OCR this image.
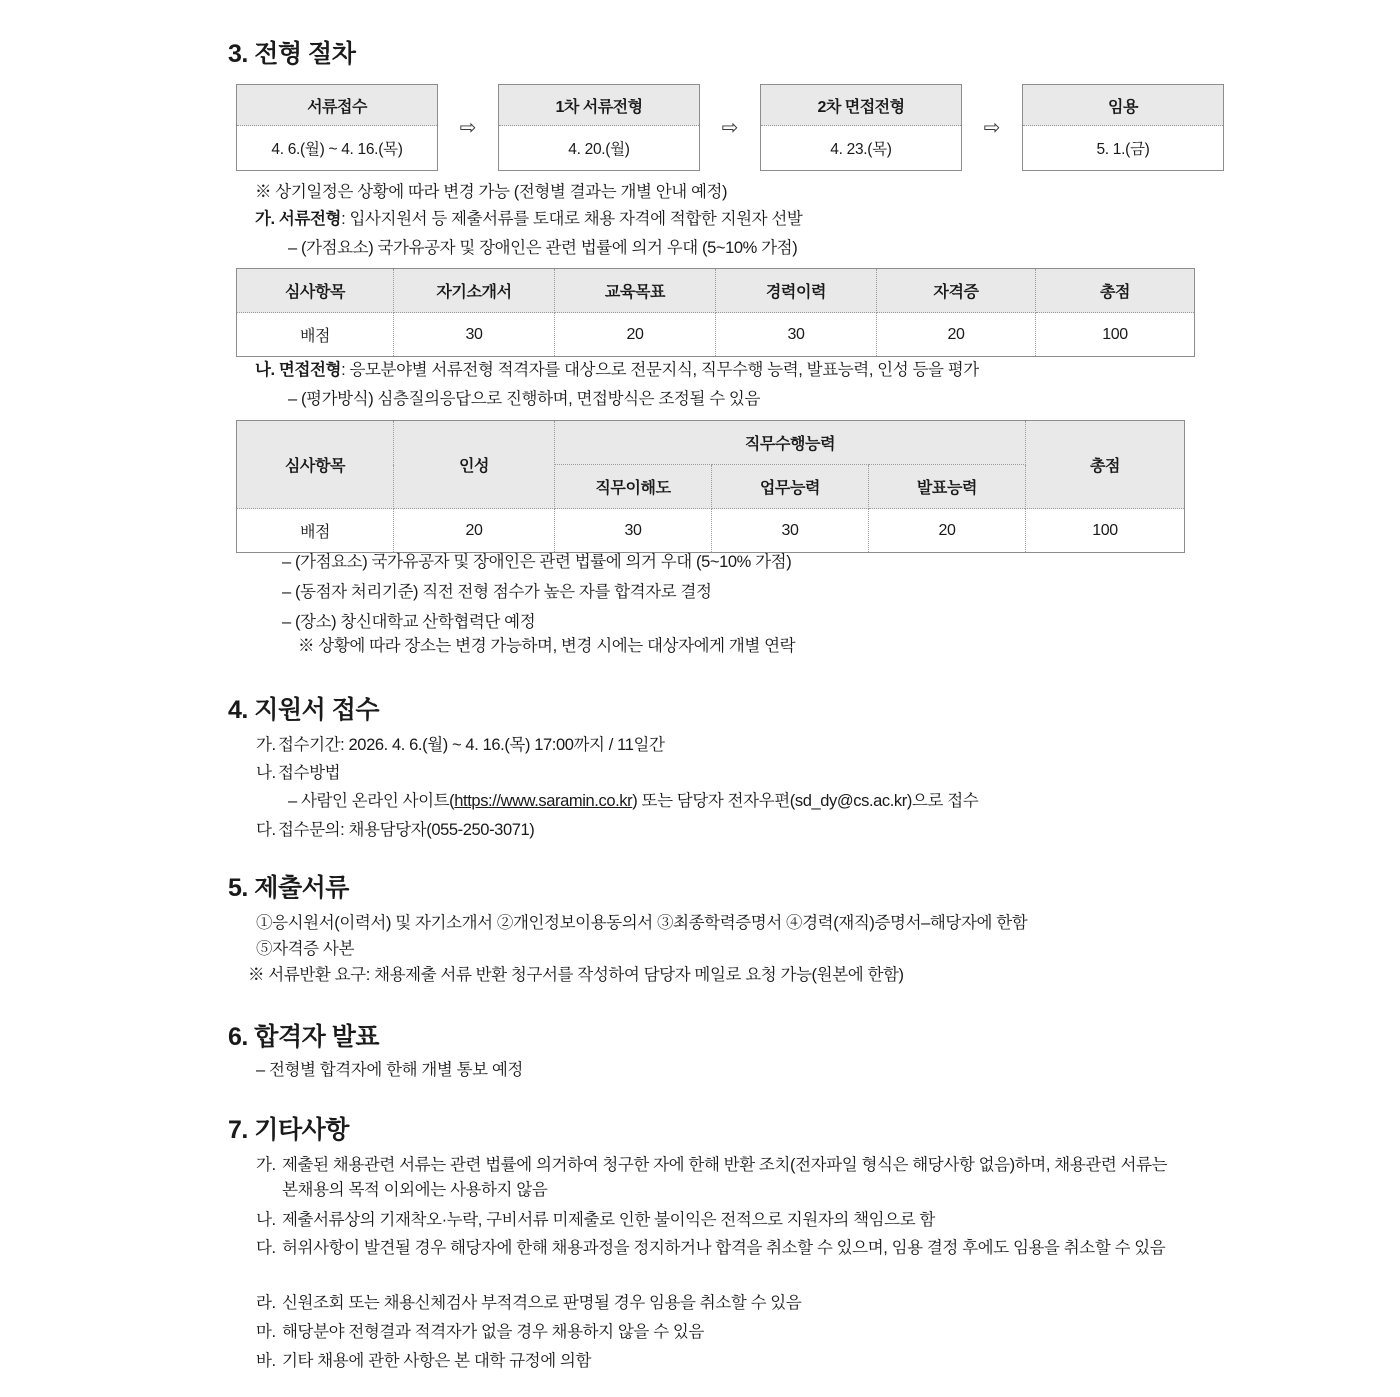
3. 전형 절차
서류접수
4. 6.(월) ~ 4. 16.(목)
⇨
1차 서류전형
4. 20.(월)
⇨
2차 면접전형
4. 23.(목)
⇨
임용
5. 1.(금)
※ 상기일정은 상황에 따라 변경 가능 (전형별 결과는 개별 안내 예정)
가. 서류전형: 입사지원서 등 제출서류를 토대로 채용 자격에 적합한 지원자 선발
– (가점요소) 국가유공자 및 장애인은 관련 법률에 의거 우대 (5~10% 가점)
심사항목	자기소개서	교육목표	경력이력	자격증	총점
배점	30	20	30	20	100
나. 면접전형: 응모분야별 서류전형 적격자를 대상으로 전문지식, 직무수행 능력, 발표능력, 인성 등을 평가
– (평가방식) 심층질의응답으로 진행하며, 면접방식은 조정될 수 있음
심사항목	인성	직무수행능력			총점
		직무이해도	업무능력	발표능력	
배점	20	30	30	20	100
– (가점요소) 국가유공자 및 장애인은 관련 법률에 의거 우대 (5~10% 가점)
– (동점자 처리기준) 직전 전형 점수가 높은 자를 합격자로 결정
– (장소) 창신대학교 산학협력단 예정
※ 상황에 따라 장소는 변경 가능하며, 변경 시에는 대상자에게 개별 연락
4. 지원서 접수
가. 접수기간: 2026. 4. 6.(월) ~ 4. 16.(목) 17:00까지 / 11일간
나. 접수방법
– 사람인 온라인 사이트(https://www.saramin.co.kr) 또는 담당자 전자우편(sd_dy@cs.ac.kr)으로 접수
다. 접수문의: 채용담당자(055-250-3071)
5. 제출서류
①응시원서(이력서) 및 자기소개서 ②개인정보이용동의서 ③최종학력증명서 ④경력(재직)증명서–해당자에 한함
⑤자격증 사본
※ 서류반환 요구: 채용제출 서류 반환 청구서를 작성하여 담당자 메일로 요청 가능(원본에 한함)
6. 합격자 발표
– 전형별 합격자에 한해 개별 통보 예정
7. 기타사항
가. 제출된 채용관련 서류는 관련 법률에 의거하여 청구한 자에 한해 반환 조치(전자파일 형식은 해당사항 없음)하며, 채용관련 서류는 본채용의 목적 이외에는 사용하지 않음
나. 제출서류상의 기재착오·누락, 구비서류 미제출로 인한 불이익은 전적으로 지원자의 책임으로 함
다. 허위사항이 발견될 경우 해당자에 한해 채용과정을 정지하거나 합격을 취소할 수 있으며, 임용 결정 후에도 임용을 취소할 수 있음
라. 신원조회 또는 채용신체검사 부적격으로 판명될 경우 임용을 취소할 수 있음
마. 해당분야 전형결과 적격자가 없을 경우 채용하지 않을 수 있음
바. 기타 채용에 관한 사항은 본 대학 규정에 의함
